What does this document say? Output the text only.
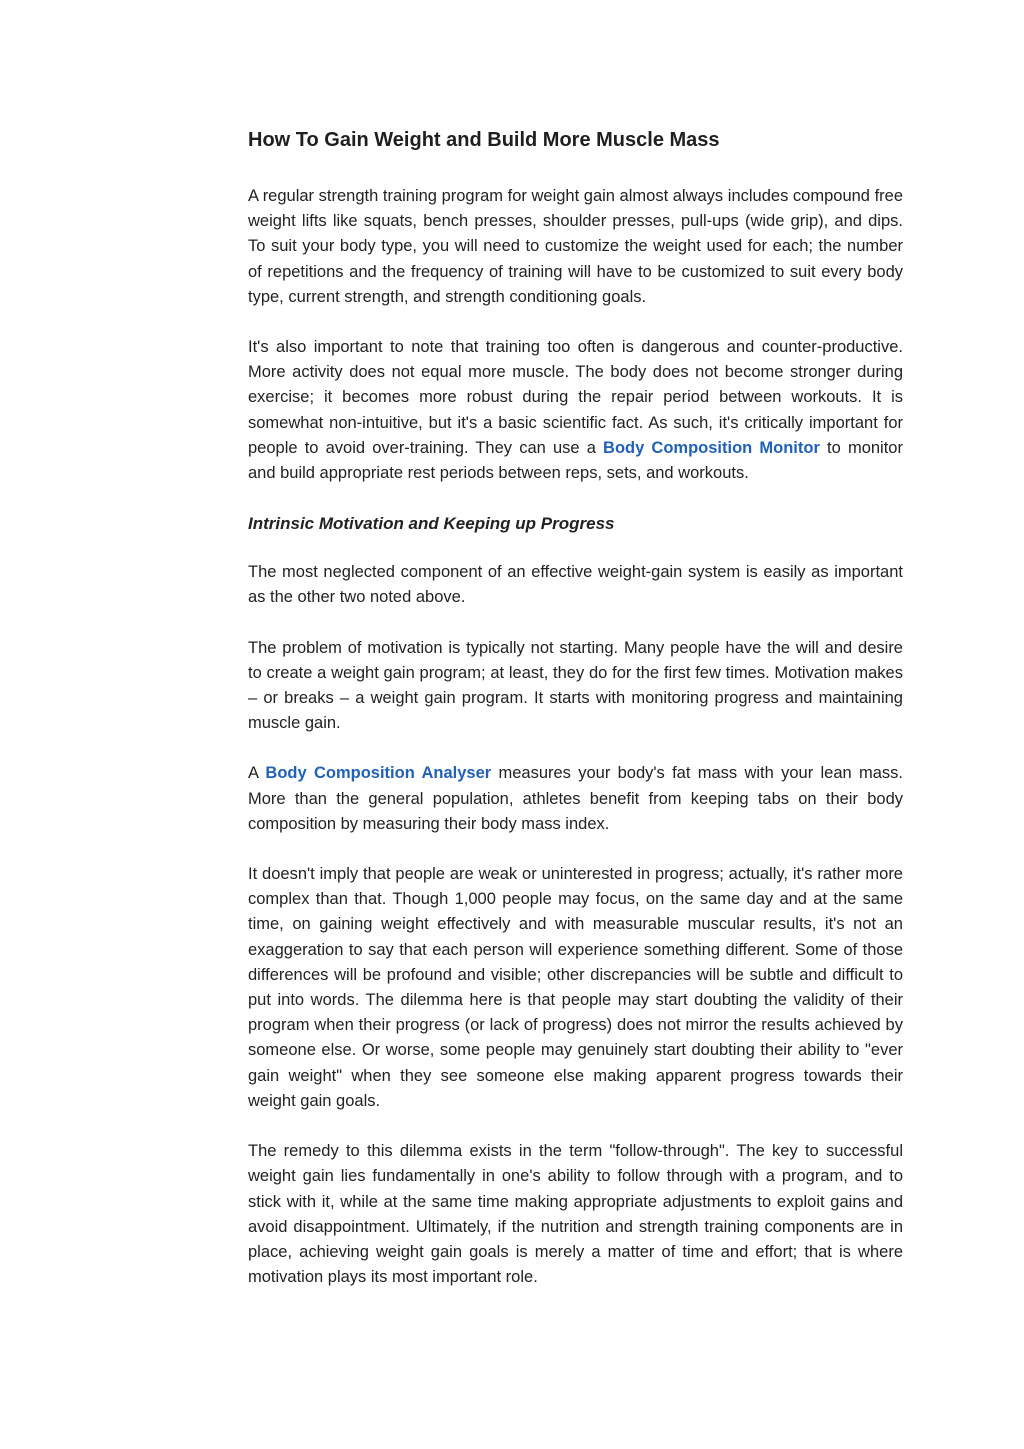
How To Gain Weight and Build More Muscle Mass

A regular strength training program for weight gain almost always includes compound free weight lifts like squats, bench presses, shoulder presses, pull-ups (wide grip), and dips. To suit your body type, you will need to customize the weight used for each; the number of repetitions and the frequency of training will have to be customized to suit every body type, current strength, and strength conditioning goals.

It's also important to note that training too often is dangerous and counter-productive. More activity does not equal more muscle. The body does not become stronger during exercise; it becomes more robust during the repair period between workouts. It is somewhat non-intuitive, but it's a basic scientific fact. As such, it's critically important for people to avoid over-training. They can use a Body Composition Monitor to monitor and build appropriate rest periods between reps, sets, and workouts.

Intrinsic Motivation and Keeping up Progress

The most neglected component of an effective weight-gain system is easily as important as the other two noted above.

The problem of motivation is typically not starting. Many people have the will and desire to create a weight gain program; at least, they do for the first few times. Motivation makes – or breaks – a weight gain program. It starts with monitoring progress and maintaining muscle gain.

A Body Composition Analyser measures your body's fat mass with your lean mass. More than the general population, athletes benefit from keeping tabs on their body composition by measuring their body mass index.

It doesn't imply that people are weak or uninterested in progress; actually, it's rather more complex than that. Though 1,000 people may focus, on the same day and at the same time, on gaining weight effectively and with measurable muscular results, it's not an exaggeration to say that each person will experience something different. Some of those differences will be profound and visible; other discrepancies will be subtle and difficult to put into words. The dilemma here is that people may start doubting the validity of their program when their progress (or lack of progress) does not mirror the results achieved by someone else. Or worse, some people may genuinely start doubting their ability to "ever gain weight" when they see someone else making apparent progress towards their weight gain goals.

The remedy to this dilemma exists in the term "follow-through". The key to successful weight gain lies fundamentally in one's ability to follow through with a program, and to stick with it, while at the same time making appropriate adjustments to exploit gains and avoid disappointment. Ultimately, if the nutrition and strength training components are in place, achieving weight gain goals is merely a matter of time and effort; that is where motivation plays its most important role.
